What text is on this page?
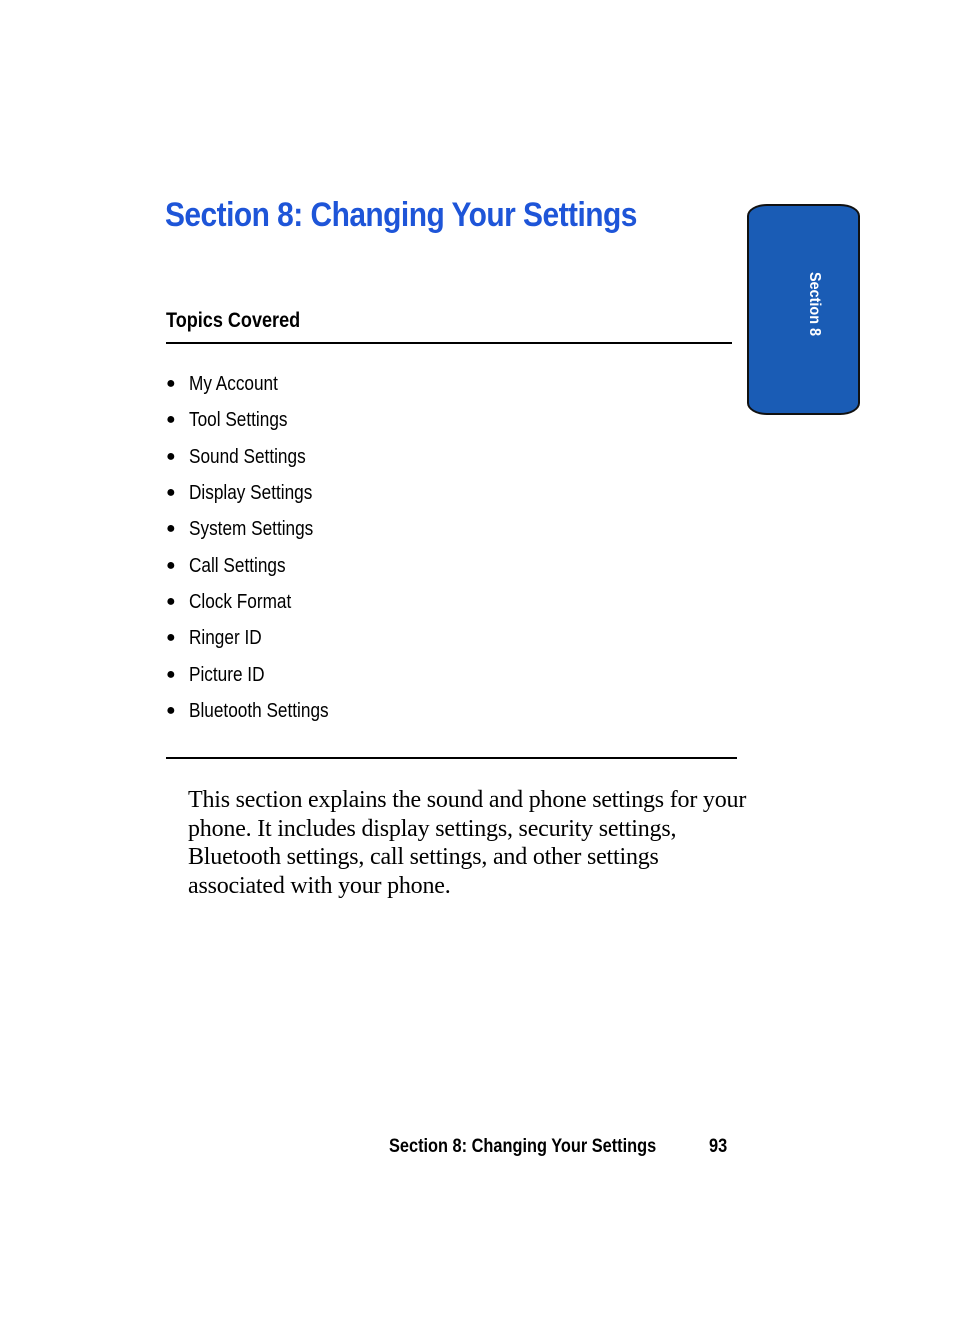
Section 8: Changing Your Settings
Section 8
Topics Covered
● My Account
● Tool Settings
● Sound Settings
● Display Settings
● System Settings
● Call Settings
● Clock Format
● Ringer ID
● Picture ID
● Bluetooth Settings

This section explains the sound and phone settings for your phone. It includes display settings, security settings, Bluetooth settings, call settings, and other settings associated with your phone.

Section 8: Changing Your Settings	93
